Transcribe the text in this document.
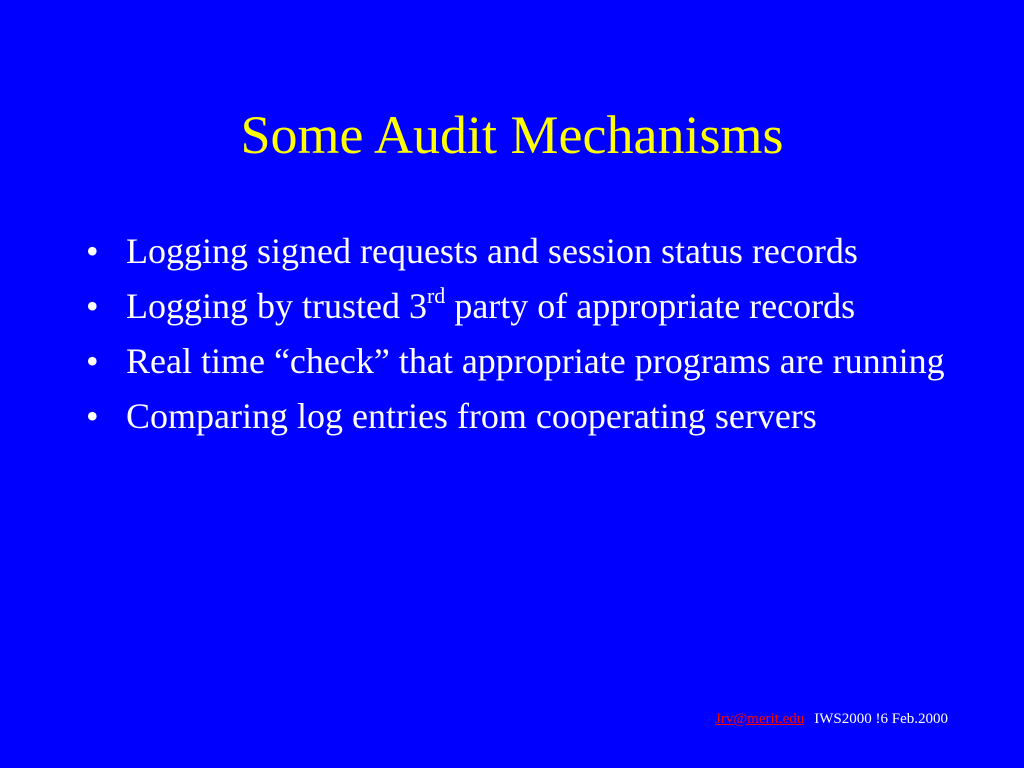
Some Audit Mechanisms
• Logging signed requests and session status records
• Logging by trusted 3rd party of appropriate records
• Real time “check” that appropriate programs are running
• Comparing log entries from cooperating servers
Jrv@merit.edu IWS2000 !6 Feb.2000
